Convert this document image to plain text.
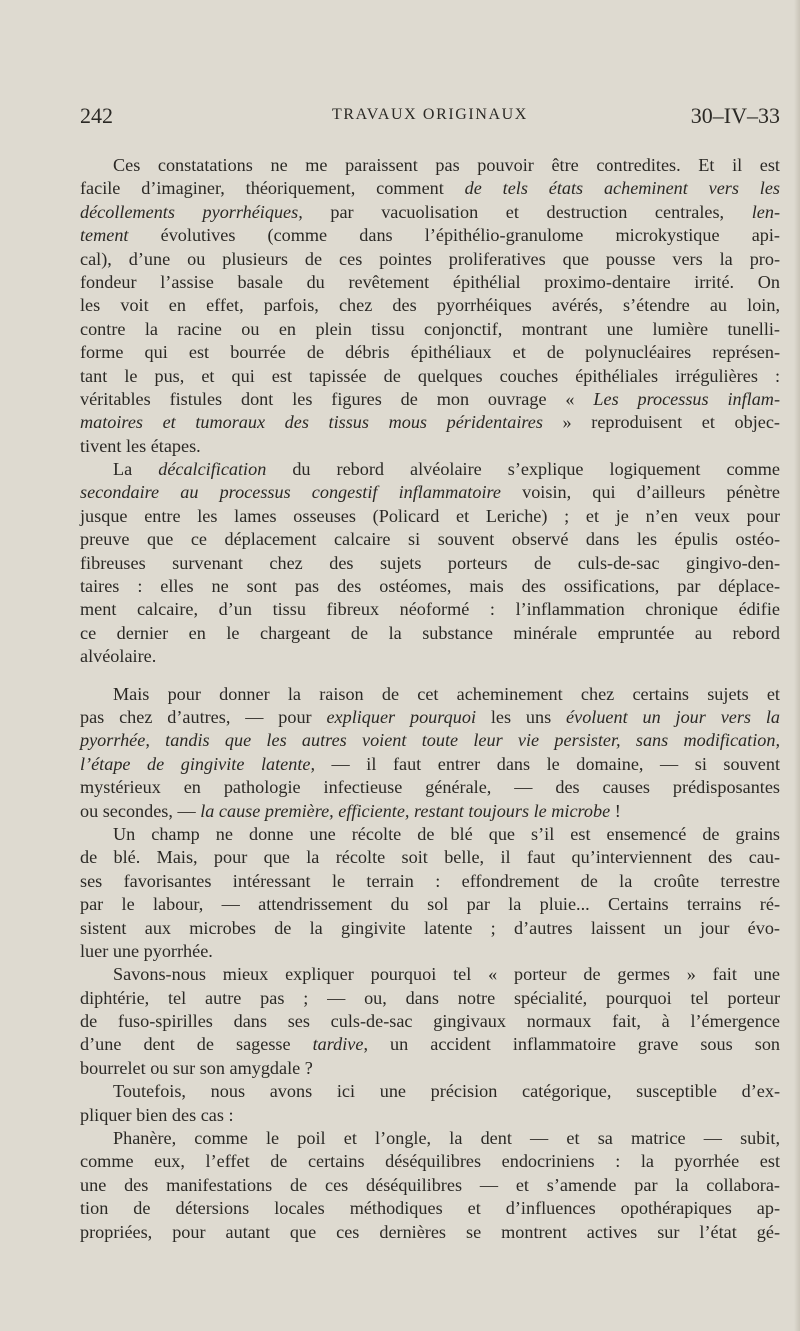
242	TRAVAUX ORIGINAUX	30–IV–33
Ces constatations ne me paraissent pas pouvoir être contredites. Et il est
facile d’imaginer, théoriquement, comment de tels états acheminent vers les
décollements pyorrhéiques, par vacuolisation et destruction centrales, len-
tement évolutives (comme dans l’épithélio-granulome microkystique api-
cal), d’une ou plusieurs de ces pointes proliferatives que pousse vers la pro-
fondeur l’assise basale du revêtement épithélial proximo-dentaire irrité. On
les voit en effet, parfois, chez des pyorrhéiques avérés, s’étendre au loin,
contre la racine ou en plein tissu conjonctif, montrant une lumière tunelli-
forme qui est bourrée de débris épithéliaux et de polynucléaires représen-
tant le pus, et qui est tapissée de quelques couches épithéliales irrégulières :
véritables fistules dont les figures de mon ouvrage « Les processus inflam-
matoires et tumoraux des tissus mous péridentaires » reproduisent et objec-
tivent les étapes.
La décalcification du rebord alvéolaire s’explique logiquement comme
secondaire au processus congestif inflammatoire voisin, qui d’ailleurs pénètre
jusque entre les lames osseuses (Policard et Leriche) ; et je n’en veux pour
preuve que ce déplacement calcaire si souvent observé dans les épulis ostéo-
fibreuses survenant chez des sujets porteurs de culs-de-sac gingivo-den-
taires : elles ne sont pas des ostéomes, mais des ossifications, par déplace-
ment calcaire, d’un tissu fibreux néoformé : l’inflammation chronique édifie
ce dernier en le chargeant de la substance minérale empruntée au rebord
alvéolaire.
Mais pour donner la raison de cet acheminement chez certains sujets et
pas chez d’autres, — pour expliquer pourquoi les uns évoluent un jour vers la
pyorrhée, tandis que les autres voient toute leur vie persister, sans modification,
l’étape de gingivite latente, — il faut entrer dans le domaine, — si souvent
mystérieux en pathologie infectieuse générale, — des causes prédisposantes
ou secondes, — la cause première, efficiente, restant toujours le microbe !
Un champ ne donne une récolte de blé que s’il est ensemencé de grains
de blé. Mais, pour que la récolte soit belle, il faut qu’interviennent des cau-
ses favorisantes intéressant le terrain : effondrement de la croûte terrestre
par le labour, — attendrissement du sol par la pluie... Certains terrains ré-
sistent aux microbes de la gingivite latente ; d’autres laissent un jour évo-
luer une pyorrhée.
Savons-nous mieux expliquer pourquoi tel « porteur de germes » fait une
diphtérie, tel autre pas ; — ou, dans notre spécialité, pourquoi tel porteur
de fuso-spirilles dans ses culs-de-sac gingivaux normaux fait, à l’émergence
d’une dent de sagesse tardive, un accident inflammatoire grave sous son
bourrelet ou sur son amygdale ?
Toutefois, nous avons ici une précision catégorique, susceptible d’ex-
pliquer bien des cas :
Phanère, comme le poil et l’ongle, la dent — et sa matrice — subit,
comme eux, l’effet de certains déséquilibres endocriniens : la pyorrhée est
une des manifestations de ces déséquilibres — et s’amende par la collabora-
tion de détersions locales méthodiques et d’influences opothérapiques ap-
propriées, pour autant que ces dernières se montrent actives sur l’état gé-
